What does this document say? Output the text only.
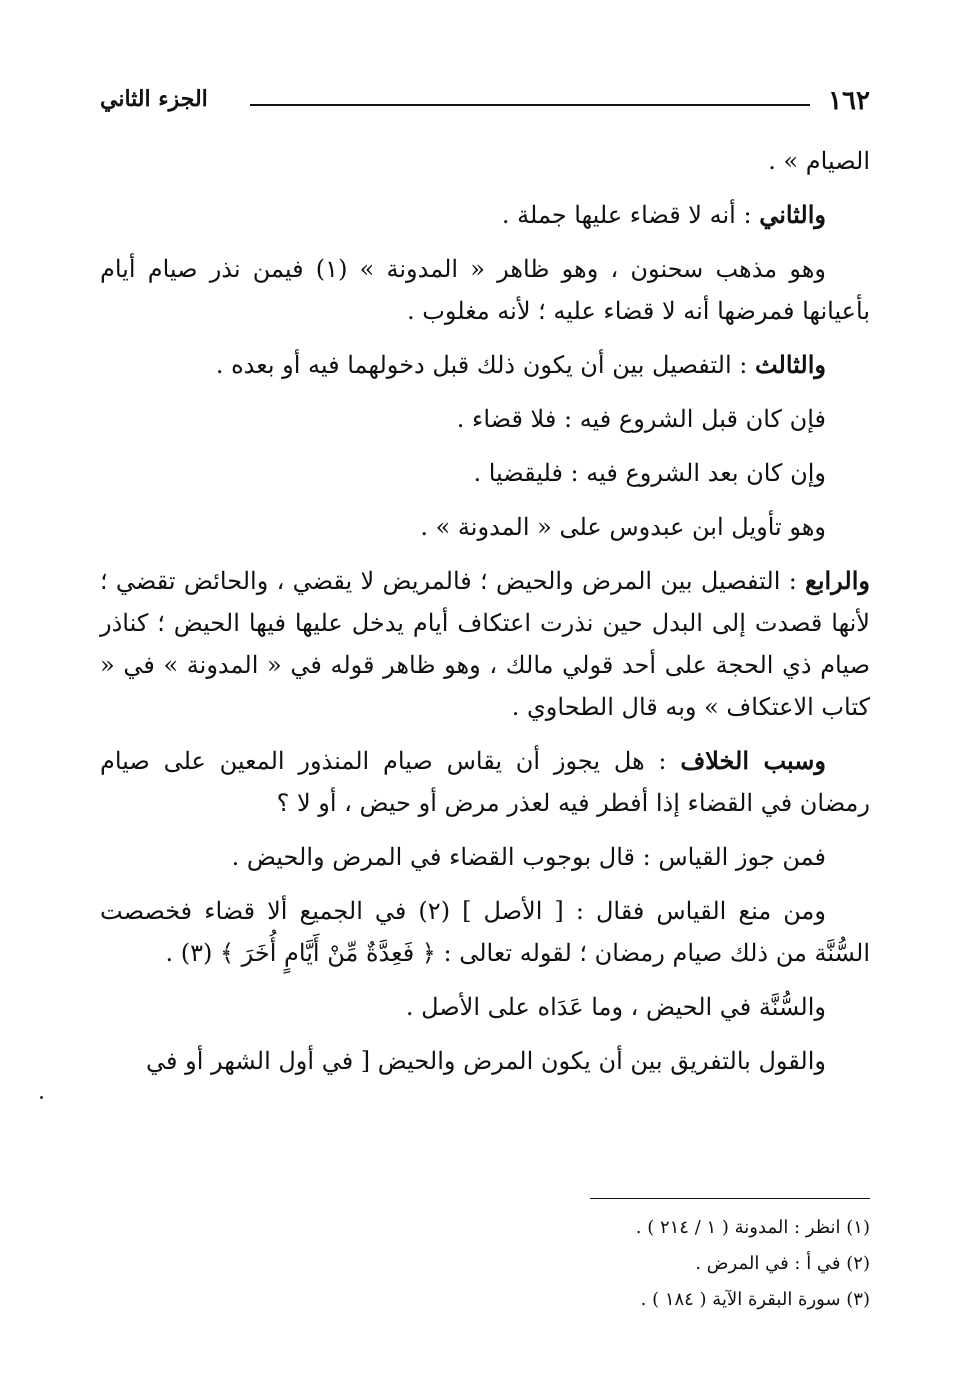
١٦٢
الجزء الثاني

الصيام » .

والثاني : أنه لا قضاء عليها جملة .

وهو مذهب سحنون ، وهو ظاهر « المدونة » (١) فيمن نذر صيام أيام بأعيانها فمرضها أنه لا قضاء عليه ؛ لأنه مغلوب .

والثالث : التفصيل بين أن يكون ذلك قبل دخولهما فيه أو بعده .

فإن كان قبل الشروع فيه : فلا قضاء .

وإن كان بعد الشروع فيه : فليقضيا .

وهو تأويل ابن عبدوس على « المدونة » .

والرابع : التفصيل بين المرض والحيض ؛ فالمريض لا يقضي ، والحائض تقضي ؛ لأنها قصدت إلى البدل حين نذرت اعتكاف أيام يدخل عليها فيها الحيض ؛ كناذر صيام ذي الحجة على أحد قولي مالك ، وهو ظاهر قوله في « المدونة » في « كتاب الاعتكاف » وبه قال الطحاوي .

وسبب الخلاف : هل يجوز أن يقاس صيام المنذور المعين على صيام رمضان في القضاء إذا أفطر فيه لعذر مرض أو حيض ، أو لا ؟

فمن جوز القياس : قال بوجوب القضاء في المرض والحيض .

ومن منع القياس فقال : [ الأصل ] (٢) في الجميع ألا قضاء فخصصت السُّنَّة من ذلك صيام رمضان ؛ لقوله تعالى : ﴿ فَعِدَّةٌ مِّنْ أَيَّامٍ أُخَرَ ﴾ (٣) .

والسُّنَّة في الحيض ، وما عَدَاه على الأصل .

والقول بالتفريق بين أن يكون المرض والحيض [ في أول الشهر أو في

(١) انظر : المدونة ( ١ / ٢١٤ ) .

(٢) في أ : في المرض .

(٣) سورة البقرة الآية ( ١٨٤ ) .
